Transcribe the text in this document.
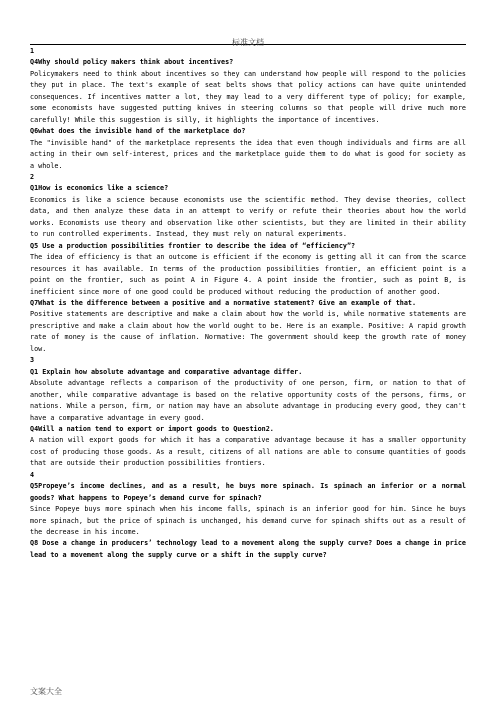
标准文档

1

Q4Why should policy makers think about incentives?

Policymakers need to think about incentives so they can understand how people will respond to the policies they put in place. The text's example of seat belts shows that policy actions can have quite unintended consequences. If incentives matter a lot, they may lead to a very different type of policy; for example, some economists have suggested putting knives in steering columns so that people will drive much more carefully! While this suggestion is silly, it highlights the importance of incentives.

Q6what does the invisible hand of the marketplace do?

The "invisible hand" of the marketplace represents the idea that even though individuals and firms are all acting in their own self-interest, prices and the marketplace guide them to do what is good for society as a whole.

2

Q1How is economics like a science?

Economics is like a science because economists use the scientific method. They devise theories, collect data, and then analyze these data in an attempt to verify or refute their theories about how the world works. Economists use theory and observation like other scientists, but they are limited in their ability to run controlled experiments. Instead, they must rely on natural experiments.

Q5 Use a production possibilities frontier to describe the idea of “efficiency”?

The idea of efficiency is that an outcome is efficient if the economy is getting all it can from the scarce resources it has available. In terms of the production possibilities frontier, an efficient point is a point on the frontier, such as point A in Figure 4. A point inside the frontier, such as point B, is inefficient since more of one good could be produced without reducing the production of another good.

Q7What is the difference between a positive and a normative statement? Give an example of that.

Positive statements are descriptive and make a claim about how the world is, while normative statements are prescriptive and make a claim about how the world ought to be. Here is an example. Positive: A rapid growth rate of money is the cause of inflation. Normative: The government should keep the growth rate of money low.

3

Q1 Explain how absolute advantage and comparative advantage differ.

Absolute advantage reflects a comparison of the productivity of one person, firm, or nation to that of another, while comparative advantage is based on the relative opportunity costs of the persons, firms, or nations. While a person, firm, or nation may have an absolute advantage in producing every good, they can't have a comparative advantage in every good.

Q4Will a nation tend to export or import goods to Question2.

A nation will export goods for which it has a comparative advantage because it has a smaller opportunity cost of producing those goods. As a result, citizens of all nations are able to consume quantities of goods that are outside their production possibilities frontiers.

4

Q5Propeye’s income declines, and as a result, he buys more spinach. Is spinach an inferior or a normal goods? What happens to Popeye’s demand curve for spinach?

Since Popeye buys more spinach when his income falls, spinach is an inferior good for him. Since he buys more spinach, but the price of spinach is unchanged, his demand curve for spinach shifts out as a result of the decrease in his income.

Q8 Dose a change in producers’ technology lead to a movement along the supply curve? Does a change in price lead to a movement along the supply curve or a shift in the supply curve?

文案大全
